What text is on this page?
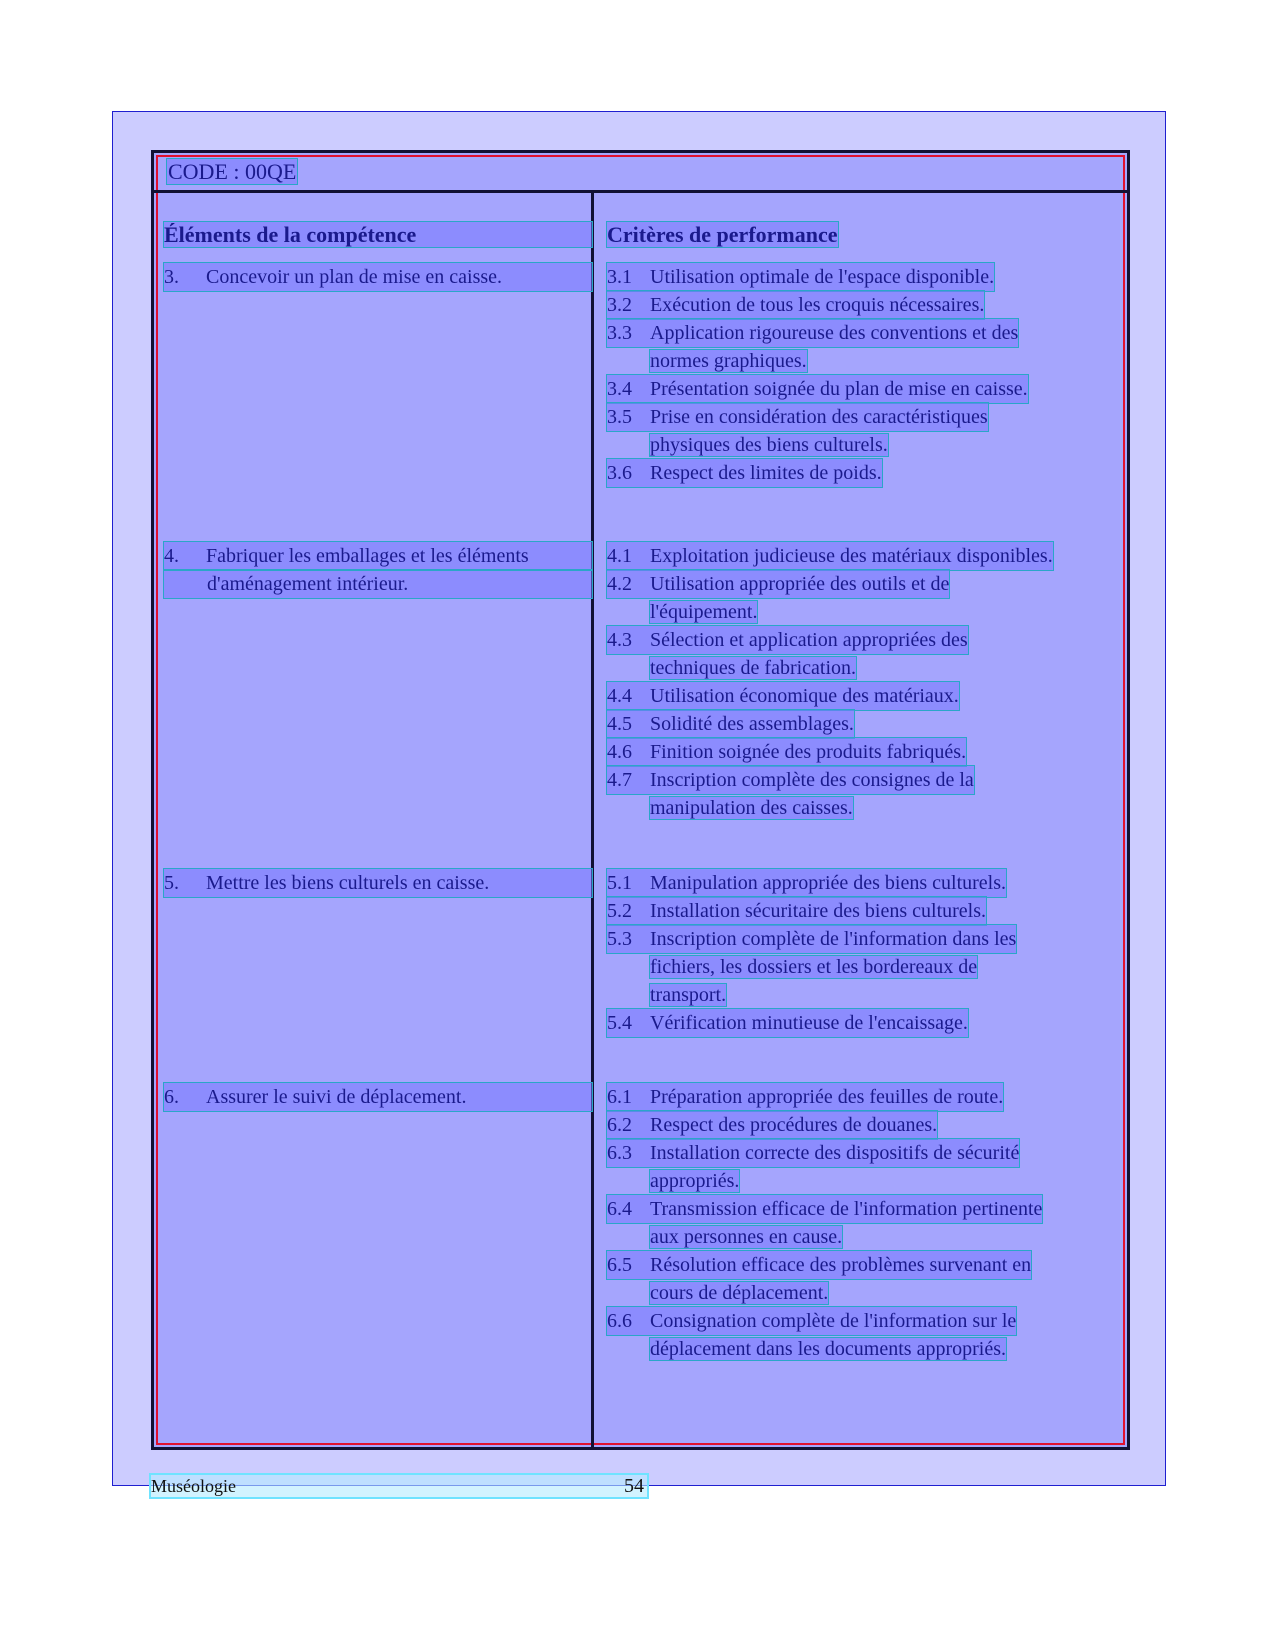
CODE : 00QE
Éléments de la compétence	Critères de performance
3. Concevoir un plan de mise en caisse.
4. Fabriquer les emballages et les éléments
d'aménagement intérieur.
5. Mettre les biens culturels en caisse.
6. Assurer le suivi de déplacement.
3.1 Utilisation optimale de l'espace disponible.
3.2 Exécution de tous les croquis nécessaires.
3.3 Application rigoureuse des conventions et des
normes graphiques.
3.4 Présentation soignée du plan de mise en caisse.
3.5 Prise en considération des caractéristiques
physiques des biens culturels.
3.6 Respect des limites de poids.
4.1 Exploitation judicieuse des matériaux disponibles.
4.2 Utilisation appropriée des outils et de
l'équipement.
4.3 Sélection et application appropriées des
techniques de fabrication.
4.4 Utilisation économique des matériaux.
4.5 Solidité des assemblages.
4.6 Finition soignée des produits fabriqués.
4.7 Inscription complète des consignes de la
manipulation des caisses.
5.1 Manipulation appropriée des biens culturels.
5.2 Installation sécuritaire des biens culturels.
5.3 Inscription complète de l'information dans les
fichiers, les dossiers et les bordereaux de
transport.
5.4 Vérification minutieuse de l'encaissage.
6.1 Préparation appropriée des feuilles de route.
6.2 Respect des procédures de douanes.
6.3 Installation correcte des dispositifs de sécurité
appropriés.
6.4 Transmission efficace de l'information pertinente
aux personnes en cause.
6.5 Résolution efficace des problèmes survenant en
cours de déplacement.
6.6 Consignation complète de l'information sur le
déplacement dans les documents appropriés.
Muséologie	54
